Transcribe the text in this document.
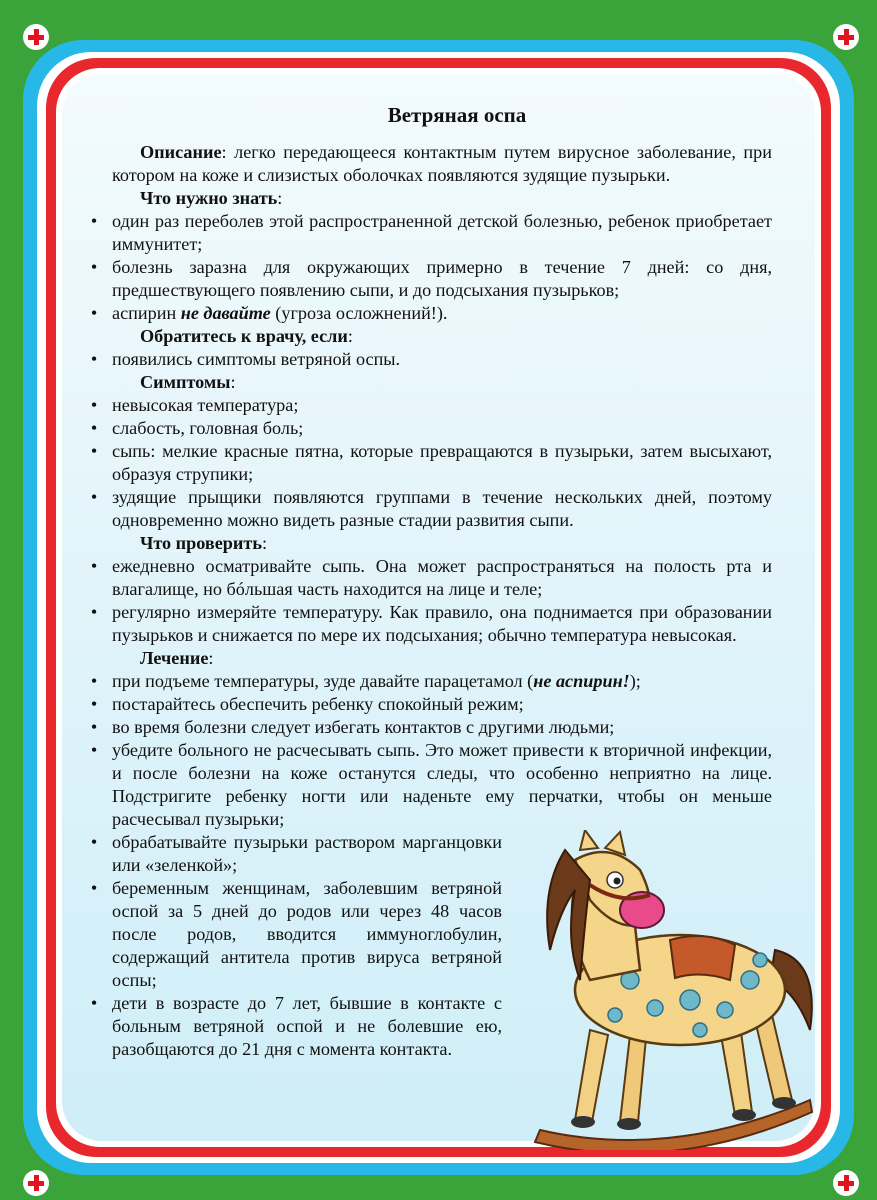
Ветряная оспа

Описание: легко передающееся контактным путем вирусное заболевание, при котором на коже и слизистых оболочках появляются зудящие пузырьки.

Что нужно знать:

• один раз переболев этой распространенной детской болезнью, ребенок приобретает иммунитет;
• болезнь заразна для окружающих примерно в течение 7 дней: со дня, предшествующего появлению сыпи, и до подсыхания пузырьков;
• аспирин не давайте (угроза осложнений!).

Обратитесь к врачу, если:

• появились симптомы ветряной оспы.

Симптомы:

• невысокая температура;
• слабость, головная боль;
• сыпь: мелкие красные пятна, которые превращаются в пузырьки, затем высыхают, образуя струпики;
• зудящие прыщики появляются группами в течение нескольких дней, поэтому одновременно можно видеть разные стадии развития сыпи.

Что проверить:

• ежедневно осматривайте сыпь. Она может распространяться на полость рта и влагалище, но бóльшая часть находится на лице и теле;
• регулярно измеряйте температуру. Как правило, она поднимается при образовании пузырьков и снижается по мере их подсыхания; обычно температура невысокая.

Лечение:

• при подъеме температуры, зуде давайте парацетамол (не аспирин!);
• постарайтесь обеспечить ребенку спокойный режим;
• во время болезни следует избегать контактов с другими людьми;
• убедите больного не расчесывать сыпь. Это может привести к вторичной инфекции, и после болезни на коже останутся следы, что особенно неприятно на лице. Подстригите ребенку ногти или наденьте ему перчатки, чтобы он меньше расчесывал пузырьки;
• обрабатывайте пузырьки раствором марганцовки или «зеленкой»;
• беременным женщинам, заболевшим ветряной оспой за 5 дней до родов или через 48 часов после родов, вводится иммуноглобулин, содержащий антитела против вируса ветряной оспы;
• дети в возрасте до 7 лет, бывшие в контакте с больным ветряной оспой и не болевшие ею, разобщаются до 21 дня с момента контакта.
